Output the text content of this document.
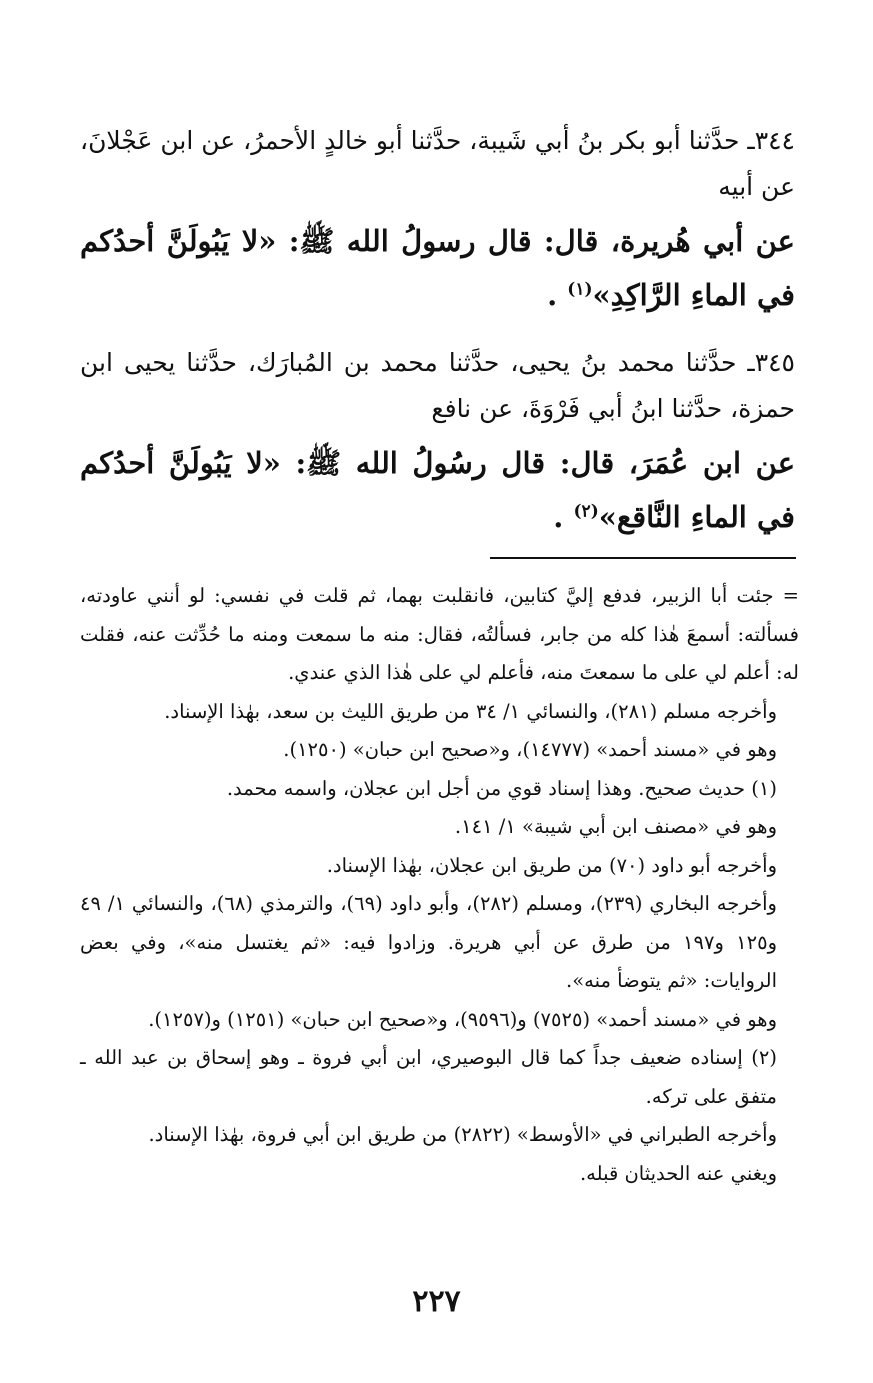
٣٤٤ـ حدَّثنا أبو بكر بنُ أبي شَيبة، حدَّثنا أبو خالدٍ الأحمرُ، عن ابن عَجْلانَ، عن أبيه

عن أبي هُريرة، قال: قال رسولُ الله ﷺ: «لا يَبُولَنَّ أحدُكم في الماءِ الرَّاكِدِ»$^{(١)}$ .

٣٤٥ـ حدَّثنا محمد بنُ يحيى، حدَّثنا محمد بن المُبارَك، حدَّثنا يحيى ابن حمزة، حدَّثنا ابنُ أبي فَرْوَةَ، عن نافع

عن ابن عُمَرَ، قال: قال رسُولُ الله ﷺ: «لا يَبُولَنَّ أحدُكم في الماءِ النَّاقع»$^{(٢)}$ .

= جئت أبا الزبير، فدفع إليَّ كتابين، فانقلبت بهما، ثم قلت في نفسي: لو أنني عاودته، فسألته: أسمعَ هٰذا كله من جابر، فسألتُه، فقال: منه ما سمعت ومنه ما حُدِّثت عنه، فقلت له: أعلم لي على ما سمعتَ منه، فأعلم لي على هٰذا الذي عندي.

وأخرجه مسلم (٢٨١)، والنسائي ١/ ٣٤ من طريق الليث بن سعد، بهٰذا الإسناد.

وهو في «مسند أحمد» (١٤٧٧٧)، و«صحيح ابن حبان» (١٢٥٠).

(١) حديث صحيح. وهذا إسناد قوي من أجل ابن عجلان، واسمه محمد.

وهو في «مصنف ابن أبي شيبة» ١/ ١٤١.

وأخرجه أبو داود (٧٠) من طريق ابن عجلان، بهٰذا الإسناد.

وأخرجه البخاري (٢٣٩)، ومسلم (٢٨٢)، وأبو داود (٦٩)، والترمذي (٦٨)، والنسائي ١/ ٤٩ و١٢٥ و١٩٧ من طرق عن أبي هريرة. وزادوا فيه: «ثم يغتسل منه»، وفي بعض الروايات: «ثم يتوضأ منه».

وهو في «مسند أحمد» (٧٥٢٥) و(٩٥٩٦)، و«صحيح ابن حبان» (١٢٥١) و(١٢٥٧).

(٢) إسناده ضعيف جداً كما قال البوصيري، ابن أبي فروة ـ وهو إسحاق بن عبد الله ـ متفق على تركه.

وأخرجه الطبراني في «الأوسط» (٢٨٢٢) من طريق ابن أبي فروة، بهٰذا الإسناد.

ويغني عنه الحديثان قبله.

٢٢٧
